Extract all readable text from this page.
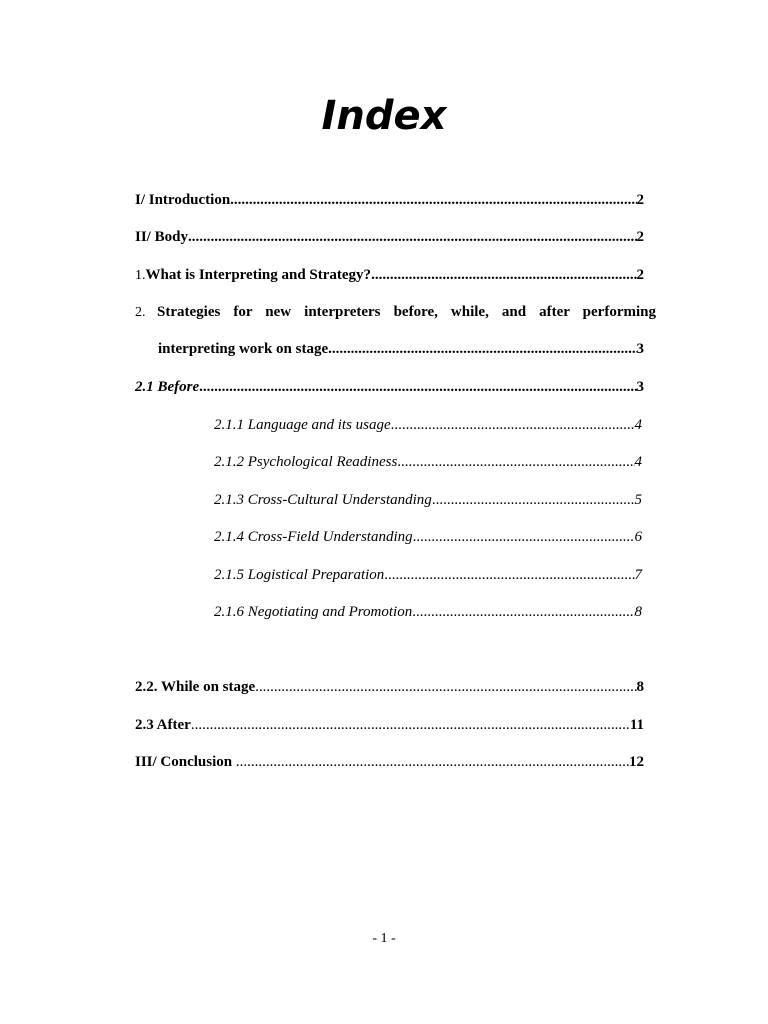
Index
I/ Introduction .....	2
II/ Body .....	2
1. What is Interpreting and Strategy? .....	2
2. Strategies for new interpreters before, while, and after performing
interpreting work on stage .....	3
2.1 Before .....	3
2.1.1 Language and its usage .....	4
2.1.2 Psychological Readiness .....	4
2.1.3 Cross-Cultural Understanding .....	5
2.1.4 Cross-Field Understanding .....	6
2.1.5 Logistical Preparation .....	7
2.1.6 Negotiating and Promotion .....	8
2.2. While on stage .....	8
2.3 After .....	11
III/ Conclusion .....	12
- 1 -
